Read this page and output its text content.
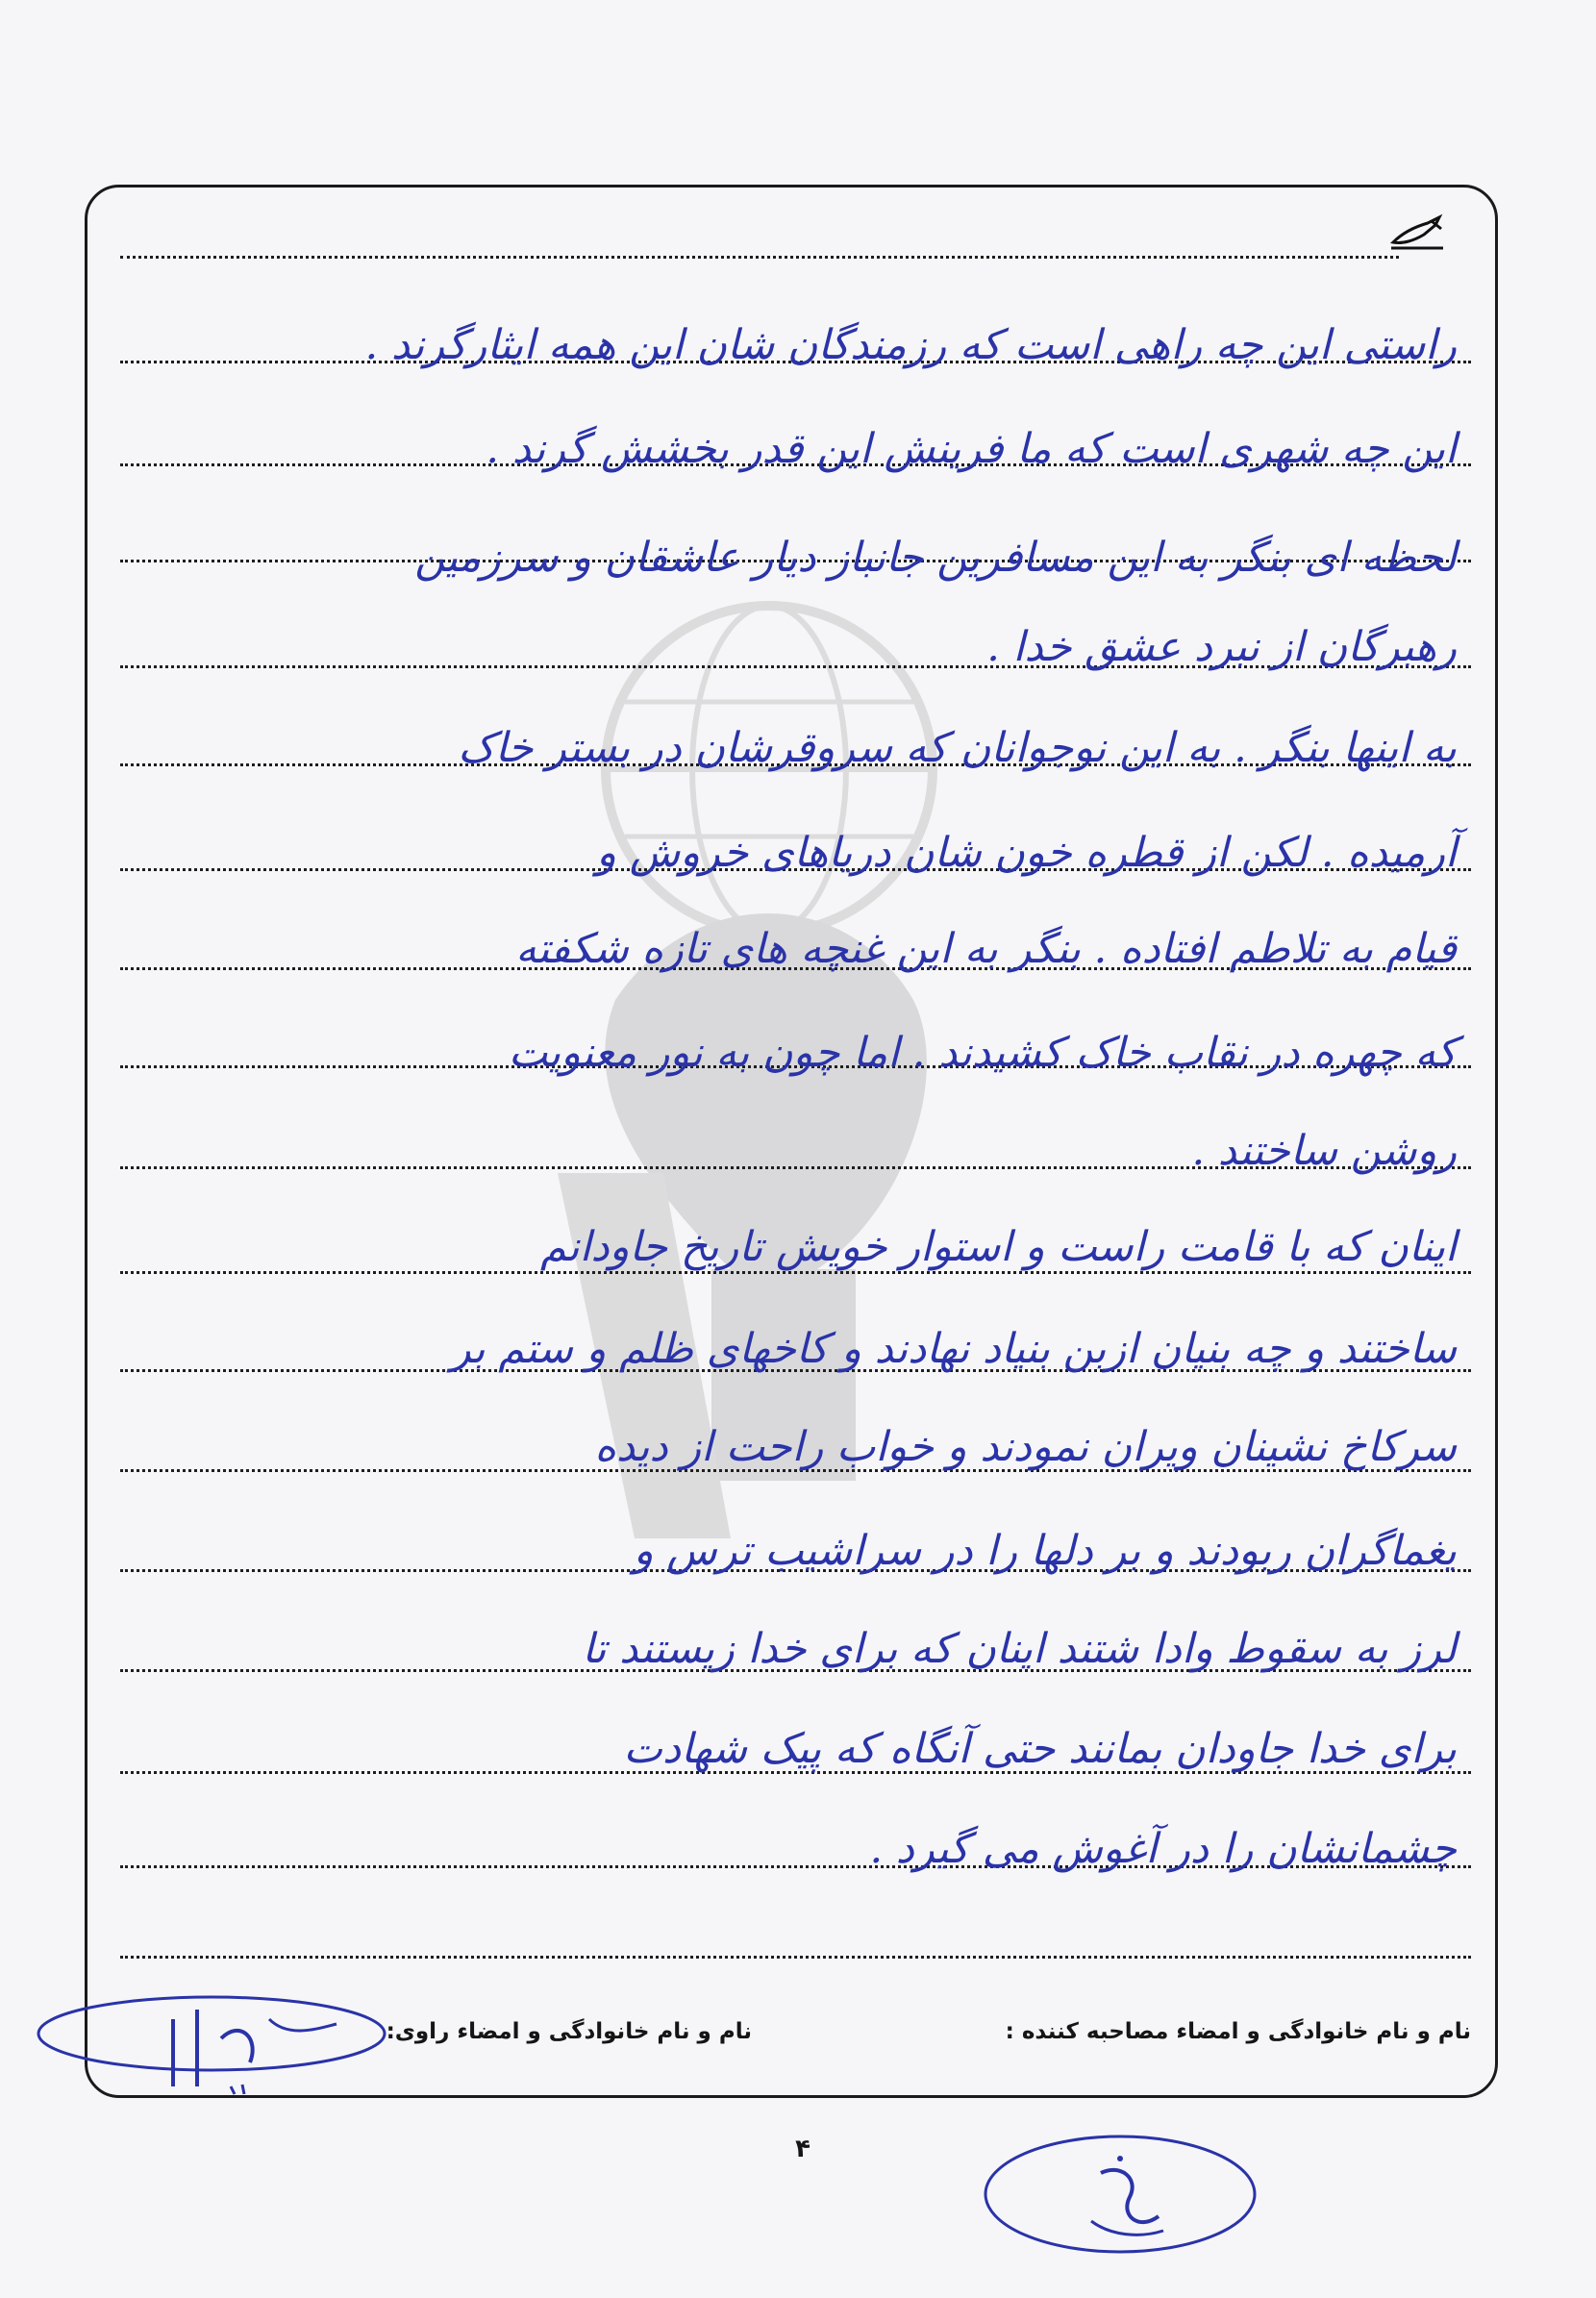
راستی این چه راهی است که رزمندگان شان این همه ایثارگرند .
این چه شهری است که ما فرینش این قدر بخشش گرند .
لحظه ای بنگر به این مسافرین جانباز دیار عاشقان و سرزمین
رهبرگان از نبرد عشق خدا .
به اینها بنگر . به این نوجوانان که سروقرشان در بستر خاک
آرمیده . لکن از قطره خون شان دریاهای خروش و
قیام به تلاطم افتاده . بنگر به این غنچه های تازه شکفته
که چهره در نقاب خاک کشیدند . اما چون به نور معنویت
روشن ساختند .
اینان که با قامت راست و استوار خویش تاریخ جاودانم
ساختند و چه بنیان ازبن بنیاد نهادند و کاخهای ظلم و ستم بر
سرکاخ نشینان ویران نمودند و خواب راحت از دیده
یغماگران ربودند و بر دلها را در سراشیب ترس و
لرز به سقوط وادا شتند اینان که برای خدا زیستند تا
برای خدا جاودان بمانند حتی آنگاه که پیک شهادت
چشمانشان را در آغوش می گیرد .
نام و نام خانوادگی و امضاء مصاحبه کننده :
نام و نام خانوادگی و امضاء راوی:
۴
